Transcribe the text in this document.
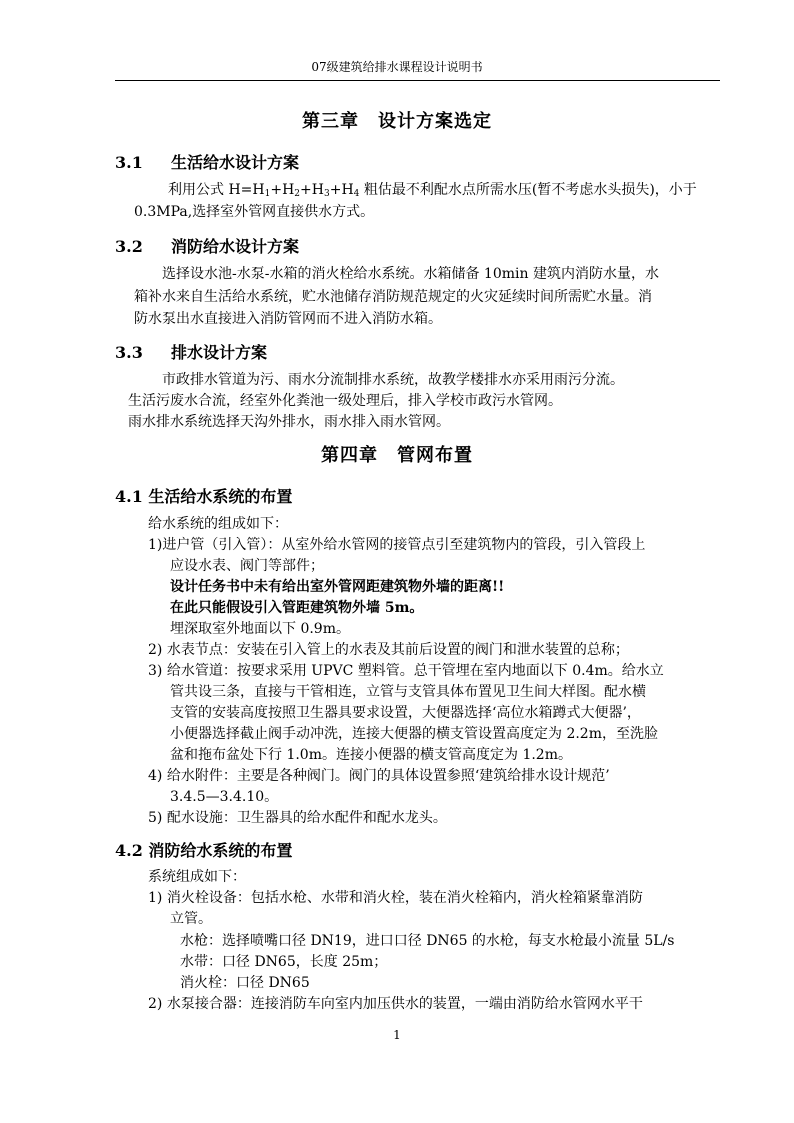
07级建筑给排水课程设计说明书
第三章　设计方案选定
3.1 生活给水设计方案
利用公式 $H=H_1+H_2+H_3+H_4$ 粗估最不利配水点所需水压(暂不考虑水头损失)，小于
0.3MPa,选择室外管网直接供水方式。
3.2 消防给水设计方案
选择设水池-水泵-水箱的消火栓给水系统。水箱储备 10min 建筑内消防水量，水
箱补水来自生活给水系统，贮水池储存消防规范规定的火灾延续时间所需贮水量。消
防水泵出水直接进入消防管网而不进入消防水箱。
3.3 排水设计方案
市政排水管道为污、雨水分流制排水系统，故教学楼排水亦采用雨污分流。
生活污废水合流，经室外化粪池一级处理后，排入学校市政污水管网。
雨水排水系统选择天沟外排水，雨水排入雨水管网。
第四章　管网布置
4.1 生活给水系统的布置
给水系统的组成如下：
1)进户管（引入管）：从室外给水管网的接管点引至建筑物内的管段，引入管段上
应设水表、阀门等部件；
设计任务书中未有给出室外管网距建筑物外墙的距离!!
在此只能假设引入管距建筑物外墙 5m。
埋深取室外地面以下 0.9m。
2) 水表节点：安装在引入管上的水表及其前后设置的阀门和泄水装置的总称；
3) 给水管道：按要求采用 UPVC 塑料管。总干管埋在室内地面以下 0.4m。给水立
管共设三条，直接与干管相连，立管与支管具体布置见卫生间大样图。配水横
支管的安装高度按照卫生器具要求设置，大便器选择‘高位水箱蹲式大便器’，
小便器选择截止阀手动冲洗，连接大便器的横支管设置高度定为 2.2m，至洗脸
盆和拖布盆处下行 1.0m。连接小便器的横支管高度定为 1.2m。
4) 给水附件：主要是各种阀门。阀门的具体设置参照‘建筑给排水设计规范’
3.4.5—3.4.10。
5) 配水设施：卫生器具的给水配件和配水龙头。
4.2 消防给水系统的布置
系统组成如下：
1) 消火栓设备：包括水枪、水带和消火栓，装在消火栓箱内，消火栓箱紧靠消防
立管。
水枪：选择喷嘴口径 DN19，进口口径 DN65 的水枪，每支水枪最小流量 5L/s
水带：口径 DN65，长度 25m；
消火栓：口径 DN65
2) 水泵接合器：连接消防车向室内加压供水的装置，一端由消防给水管网水平干
1
